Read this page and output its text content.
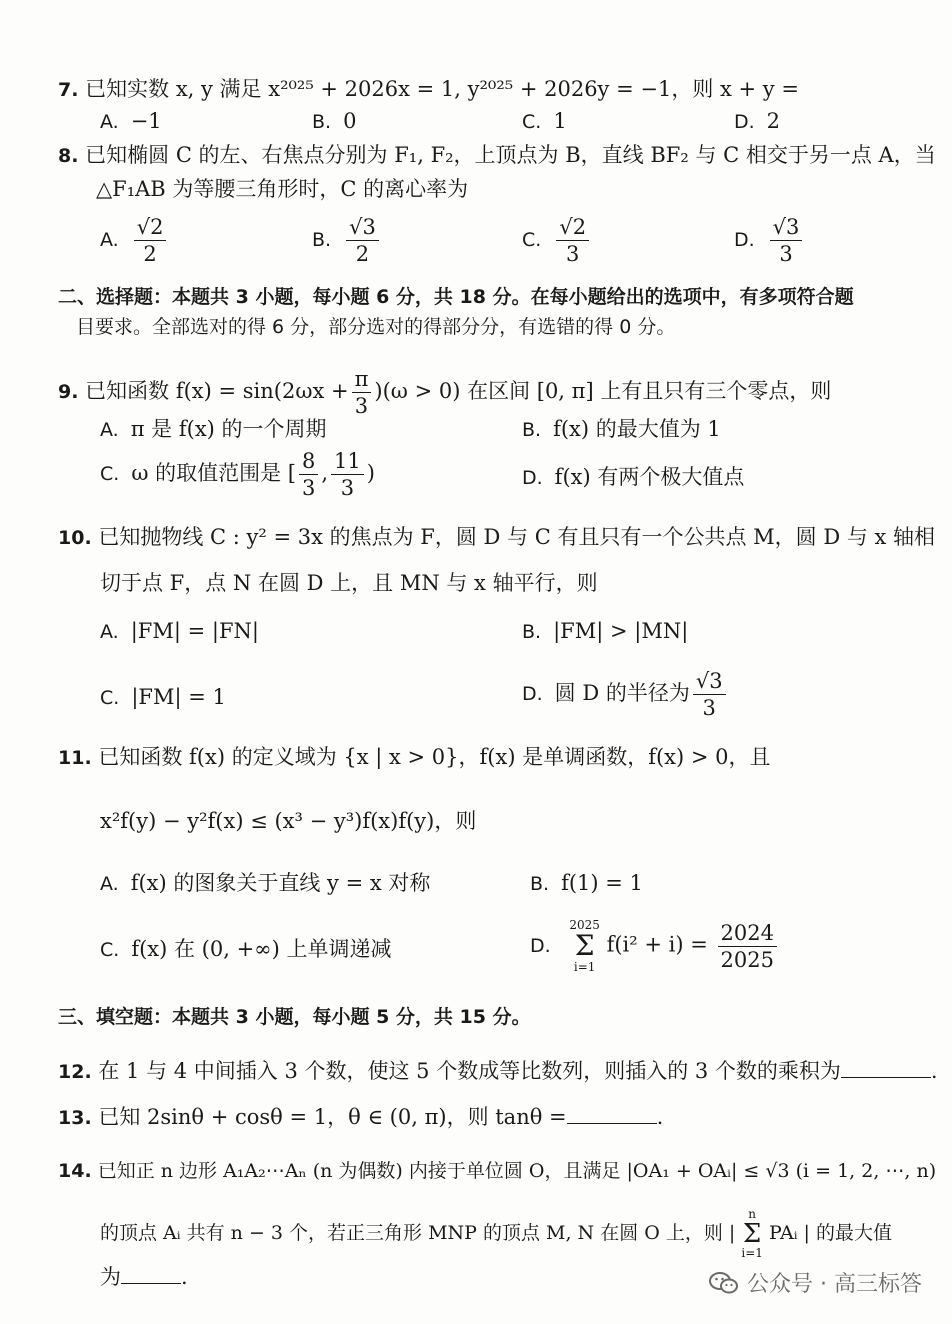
7. 已知实数 x, y 满足 x²⁰²⁵ + 2026x = 1, y²⁰²⁵ + 2026y = −1，则 x + y =
A. −1	B. 0	C. 1	D. 2
8. 已知椭圆 C 的左、右焦点分别为 F₁, F₂，上顶点为 B，直线 BF₂ 与 C 相交于另一点 A，当
△F₁AB 为等腰三角形时，C 的离心率为
A. $\frac{√2}{2}$	B. $\frac{√3}{2}$	C. $\frac{√2}{3}$	D. $\frac{√3}{3}$
二、选择题：本题共 3 小题，每小题 6 分，共 18 分。在每小题给出的选项中，有多项符合题
目要求。全部选对的得 6 分，部分选对的得部分分，有选错的得 0 分。
9. 已知函数 $f(x) = \sin(2\omega x + \frac{\pi}{3} )(\omega > 0)$ 在区间 [0, π] 上有且只有三个零点，则
A. π 是 f(x) 的一个周期	B. f(x) 的最大值为 1
C. ω 的取值范围是 [ $\frac{8}{3}$ , $\frac{11}{3}$ )	D. f(x) 有两个极大值点
10. 已知抛物线 C : y² = 3x 的焦点为 F，圆 D 与 C 有且只有一个公共点 M，圆 D 与 x 轴相
切于点 F，点 N 在圆 D 上，且 MN 与 x 轴平行，则
A. |FM| = |FN|	B. |FM| > |MN|
C. |FM| = 1	D. 圆 D 的半径为 $\frac{√3}{3}$
11. 已知函数 f(x) 的定义域为 {x | x > 0}，f(x) 是单调函数，f(x) > 0，且
x²f(y) − y²f(x) ≤ (x³ − y³)f(x)f(y)，则
A. f(x) 的图象关于直线 y = x 对称	B. f(1) = 1
C. f(x) 在 (0, +∞) 上单调递减	D.
2025
Σ
i=1
$f(i^2 + i) = \frac{2024}{2025}$
三、填空题：本题共 3 小题，每小题 5 分，共 15 分。
12. 在 1 与 4 中间插入 3 个数，使这 5 个数成等比数列，则插入的 3 个数的乘积为	.
13. 已知 2sinθ + cosθ = 1，θ ∈ (0, π)，则 tanθ =	.
14. 已知正 n 边形 A₁A₂⋯Aₙ (n 为偶数) 内接于单位圆 O，且满足 |OA₁ + OAᵢ| ≤ √3 (i = 1, 2, ⋯, n)
的顶点 Aᵢ 共有 n − 3 个，若正三角形 MNP 的顶点 M, N 在圆 O 上，则 |
n
Σ
i=1
PAᵢ | 的最大值
为	.	公众号 · 高三标答
